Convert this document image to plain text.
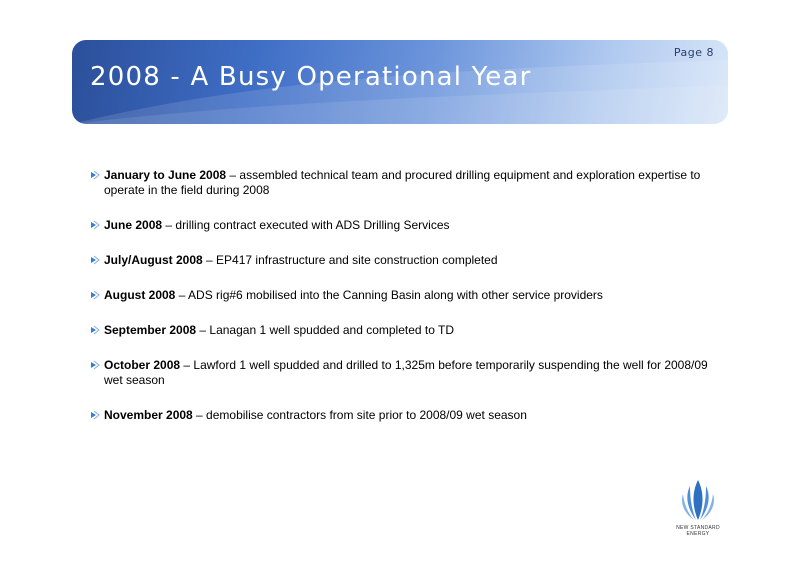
Page 8
2008 - A Busy Operational Year
January to June 2008 – assembled technical team and procured drilling equipment and exploration expertise to operate in the field during 2008
June 2008 – drilling contract executed with ADS Drilling Services
July/August 2008 – EP417 infrastructure and site construction completed
August 2008 – ADS rig#6 mobilised into the Canning Basin along with other service providers
September 2008 – Lanagan 1 well spudded and completed to TD
October 2008 – Lawford 1 well spudded and drilled to 1,325m before temporarily suspending the well for 2008/09 wet season
November 2008 – demobilise contractors from site prior to 2008/09 wet season
NEW STANDARD
ENERGY
